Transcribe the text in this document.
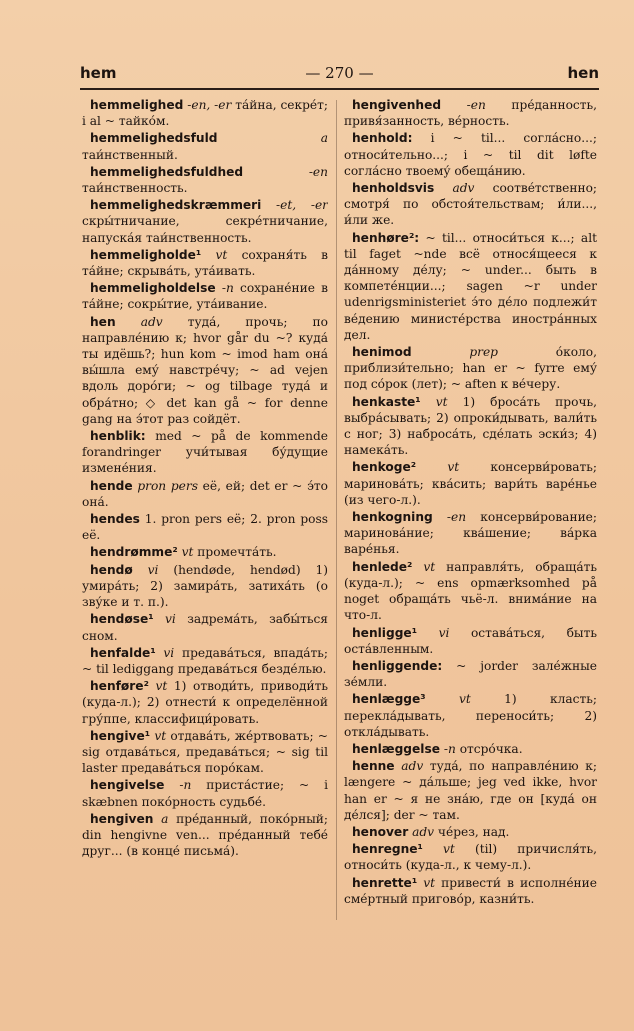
hem	— 270 —	hen

hemmelighed -en, -er та́йна, секре́т; i al ~ тайко́м.

hemmelighedsfuld	a таи́нственный.

hemmelighedsfuldhed	-en таи́нственность.

hemmelighedskræmmeri -et, -er скры́тничание, секре́тничание, напуска́я таи́нственность.

hemmeligholde¹ vt сохраня́ть в та́йне; скрыва́ть, ута́ивать.

hemmeligholdelse -n сохране́ние в та́йне; сокры́тие, ута́ивание.

hen adv туда́, прочь; по направле́нию к; hvor går du ~? куда́ ты идёшь?; hun kom ~ imod ham она́ вы́шла ему́ навстре́чу; ~ ad vejen вдоль доро́ги; ~ og tilbage туда́ и обра́тно; ◇ det kan gå ~ for denne gang на э́тот раз сойдёт.

henblik: med ~ på de kommende forandringer учи́тывая бу́дущие измене́ния.

hende pron pers её, ей; det er ~ э́то она́.

hendes 1. pron pers её; 2. pron poss её.

hendrømme² vt промечта́ть.

hendø vi (hendøde, hendød) 1) умира́ть; 2) замира́ть, затиха́ть (о зву́ке и т. п.).

hendøse¹ vi задрема́ть, забы́ться сном.

henfalde¹ vi предава́ться, впада́ть; ~ til lediggang предава́ться безде́лью.

henføre² vt 1) отводи́ть, приводи́ть (куда-л.); 2) отнести́ к определённой гру́ппе, классифици́ровать.

hengive¹ vt отдава́ть, же́ртвовать; ~ sig отдава́ться, предава́ться; ~ sig til laster предава́ться поро́кам.

hengivelse -n приста́стие; ~ i skæbnen поко́рность судьбе́.

hengiven a пре́данный, поко́рный; din hengivne ven... пре́данный тебе́ друг... (в конце́ письма́).

hengivenhed -en пре́данность, привя́занность, ве́рность.

henhold: i ~ til... согла́сно...; относи́тельно...; i ~ til dit løfte согла́сно твоему́ обеща́нию.

henholdsvis adv соотве́тственно; смотря́ по обстоя́тельствам; и́ли..., и́ли же.

henhøre²: ~ til... относи́ться к...; alt til faget ~nde всё относя́щееся к да́нному де́лу; ~ under... быть в компете́нции...; sagen ~r under udenrigsministeriet э́то де́ло подлежи́т ве́дению министе́рства иностра́нных дел.

henimod	prep о́коло, приблизи́тельно; han er ~ fyrre ему́ под со́рок (лет); ~ aften к ве́черу.

henkaste¹ vt 1) броса́ть прочь, выбра́сывать; 2) опроки́дывать, вали́ть с ног; 3) наброса́ть, сде́лать эски́з; 4) намека́ть.

henkoge²	vt консерви́ровать; маринова́ть; ква́сить; вари́ть варе́нье (из чего-л.).

henkogning -en консерви́рование; маринова́ние; ква́шение; ва́рка варе́нья.

henlede² vt направля́ть, обраща́ть (куда-л.); ~ ens opmærksomhed på noget обраща́ть чьё-л. внима́ние на что-л.

henligge¹ vi остава́ться, быть оста́вленным.

henliggende: ~ jorder зале́жные зе́мли.

henlægge³	vt 1) класть; перекла́дывать, переноси́ть; 2) откла́дывать.

henlæggelse -n отсро́чка.

henne adv туда́, по направле́нию к; længere ~ да́льше; jeg ved ikke, hvor han er ~ я не зна́ю, где он [куда́ он де́лся]; der ~ там.

henover adv че́рез, над.

henregne¹ vt (til) причисля́ть, относи́ть (куда-л., к чему-л.).

henrette¹ vt привести́ в исполне́ние сме́ртный пригово́р, казни́ть.
